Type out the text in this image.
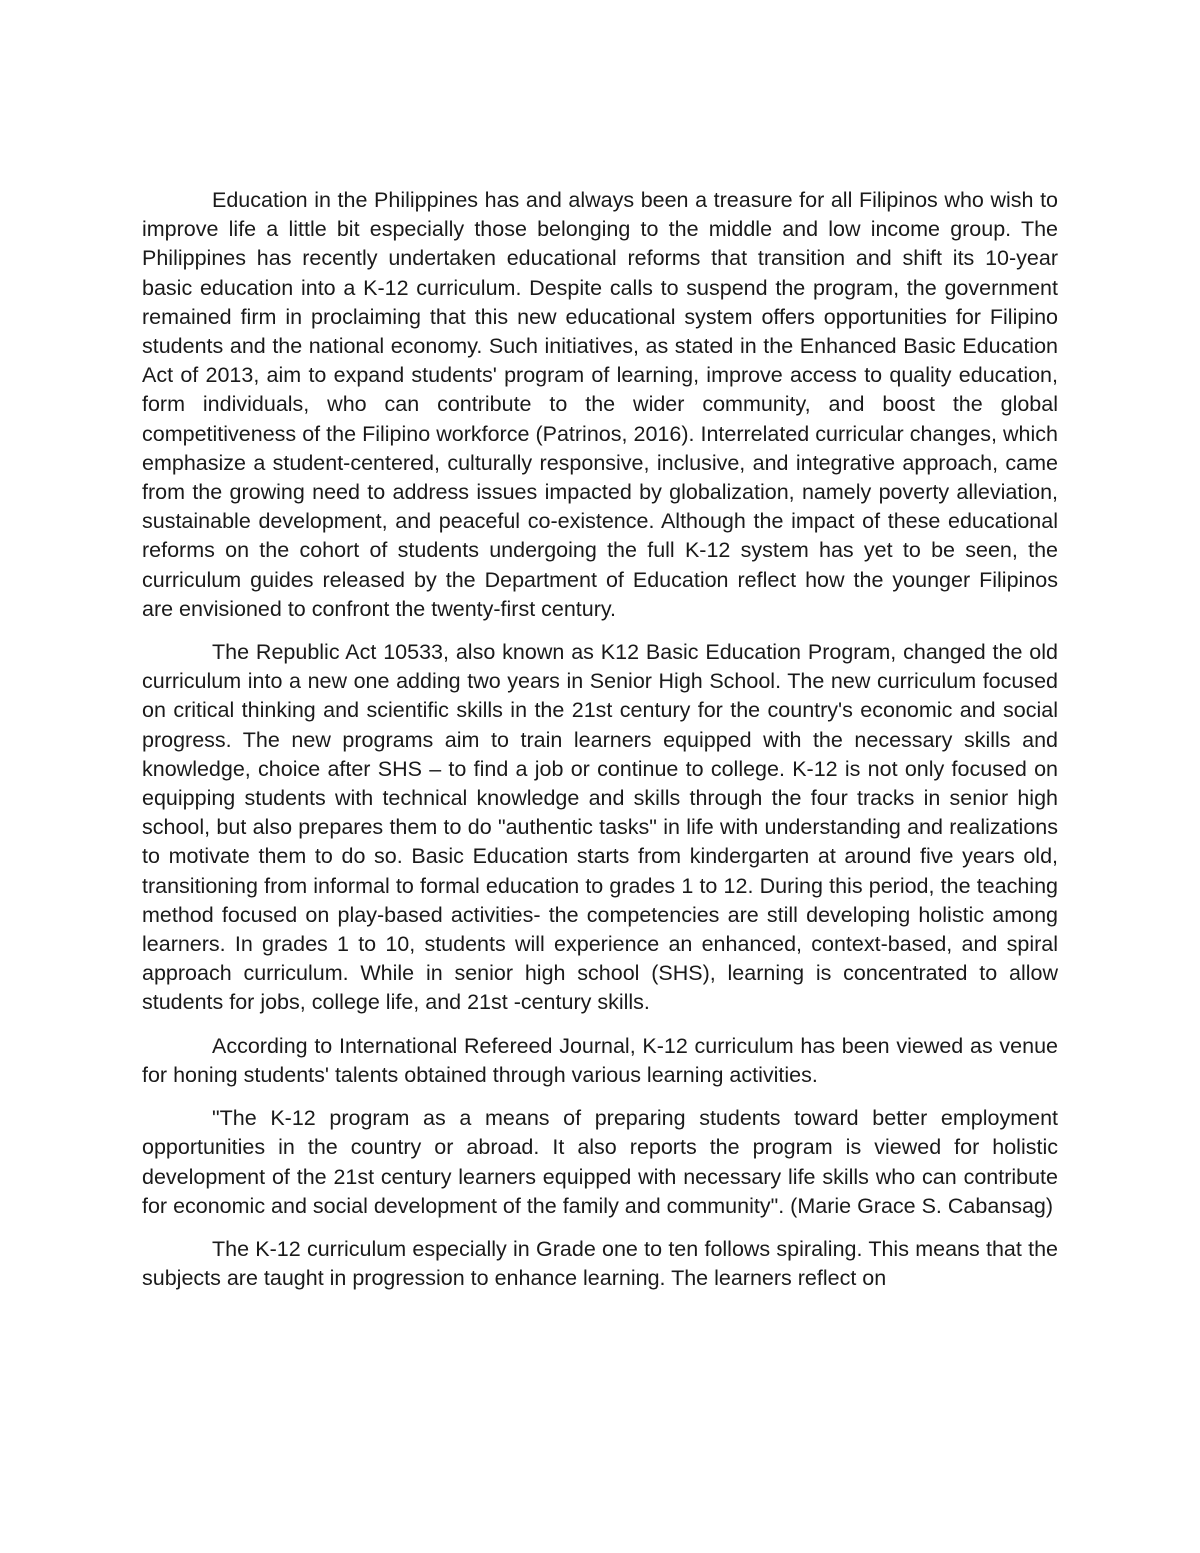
Education in the Philippines has and always been a treasure for all Filipinos who wish to improve life a little bit especially those belonging to the middle and low income group. The Philippines has recently undertaken educational reforms that transition and shift its 10-year basic education into a K-12 curriculum. Despite calls to suspend the program, the government remained firm in proclaiming that this new educational system offers opportunities for Filipino students and the national economy. Such initiatives, as stated in the Enhanced Basic Education Act of 2013, aim to expand students' program of learning, improve access to quality education, form individuals, who can contribute to the wider community, and boost the global competitiveness of the Filipino workforce (Patrinos, 2016). Interrelated curricular changes, which emphasize a student-centered, culturally responsive, inclusive, and integrative approach, came from the growing need to address issues impacted by globalization, namely poverty alleviation, sustainable development, and peaceful co-existence. Although the impact of these educational reforms on the cohort of students undergoing the full K-12 system has yet to be seen, the curriculum guides released by the Department of Education reflect how the younger Filipinos are envisioned to confront the twenty-first century.

The Republic Act 10533, also known as K12 Basic Education Program, changed the old curriculum into a new one adding two years in Senior High School. The new curriculum focused on critical thinking and scientific skills in the 21st century for the country's economic and social progress. The new programs aim to train learners equipped with the necessary skills and knowledge, choice after SHS – to find a job or continue to college. K-12 is not only focused on equipping students with technical knowledge and skills through the four tracks in senior high school, but also prepares them to do "authentic tasks" in life with understanding and realizations to motivate them to do so. Basic Education starts from kindergarten at around five years old, transitioning from informal to formal education to grades 1 to 12. During this period, the teaching method focused on play-based activities- the competencies are still developing holistic among learners. In grades 1 to 10, students will experience an enhanced, context-based, and spiral approach curriculum. While in senior high school (SHS), learning is concentrated to allow students for jobs, college life, and 21st -century skills.

According to International Refereed Journal, K-12 curriculum has been viewed as venue for honing students' talents obtained through various learning activities.

"The K-12 program as a means of preparing students toward better employment opportunities in the country or abroad. It also reports the program is viewed for holistic development of the 21st century learners equipped with necessary life skills who can contribute for economic and social development of the family and community". (Marie Grace S. Cabansag)

The K-12 curriculum especially in Grade one to ten follows spiraling. This means that the subjects are taught in progression to enhance learning. The learners reflect on
